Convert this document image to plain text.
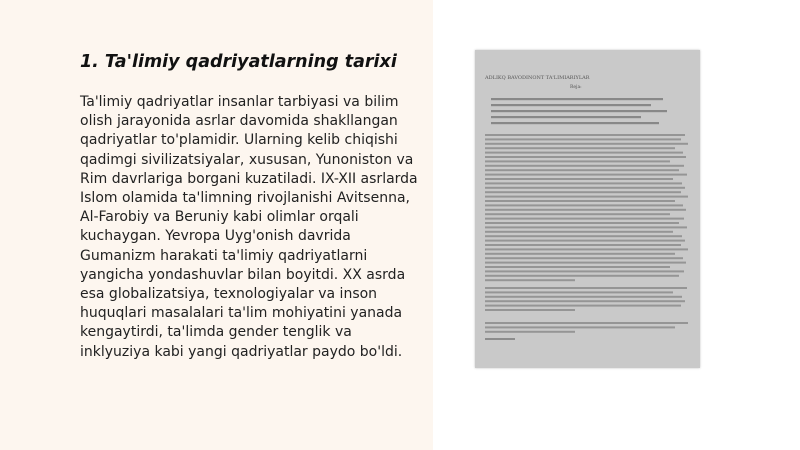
1. Ta'limiy qadriyatlarning tarixi

Ta'limiy qadriyatlar insanlar tarbiyasi va bilim olish jarayonida asrlar davomida shakllangan qadriyatlar to'plamidir. Ularning kelib chiqishi qadimgi sivilizatsiyalar, xususan, Yunoniston va Rim davrlariga borgani kuzatiladi. IX-XII asrlarda Islom olamida ta'limning rivojlanishi Avitsenna, Al-Farobiy va Beruniy kabi olimlar orqali kuchaygan. Yevropa Uyg'onish davrida Gumanizm harakati ta'limiy qadriyatlarni yangicha yondashuvlar bilan boyitdi. XX asrda esa globalizatsiya, texnologiyalar va inson huquqlari masalalari ta'lim mohiyatini yanada kengaytirdi, ta'limda gender tenglik va inklyuziya kabi yangi qadriyatlar paydo bo'ldi.

ADLIKQ BAVODINONT TA'LIMIARIYLAR
Reja:
